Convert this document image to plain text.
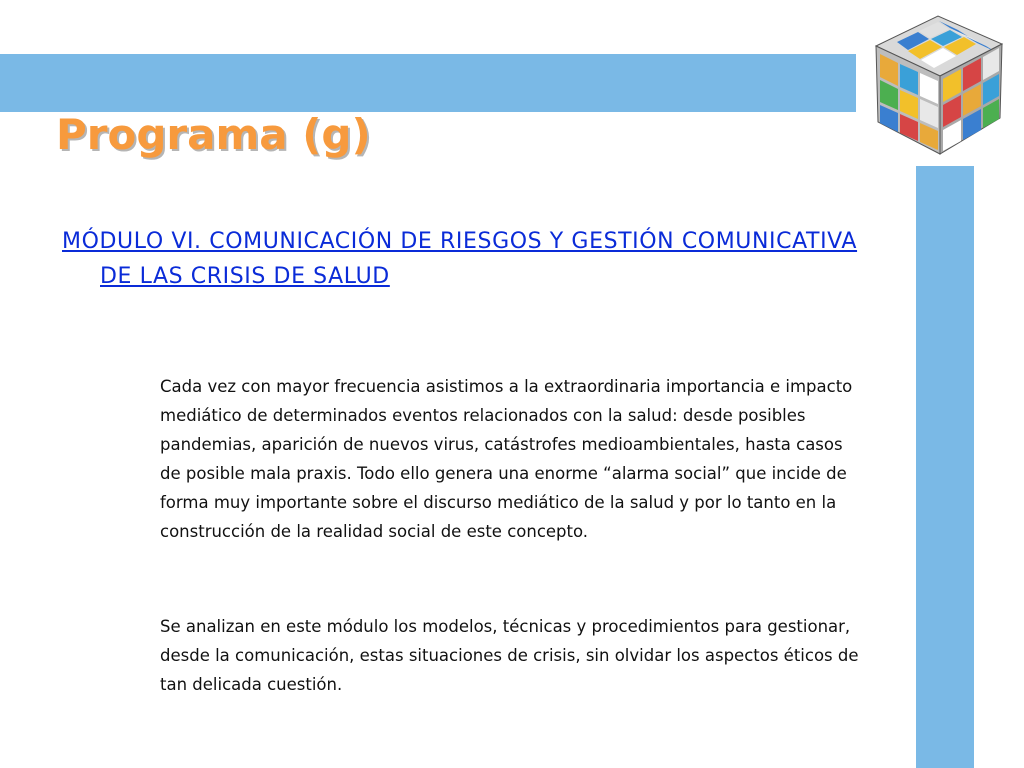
Programa (g)
MÓDULO VI. COMUNICACIÓN DE RIESGOS Y GESTIÓN COMUNICATIVA DE LAS CRISIS DE SALUD

Cada vez con mayor frecuencia asistimos a la extraordinaria importancia e impacto mediático de determinados eventos relacionados con la salud: desde posibles pandemias, aparición de nuevos virus, catástrofes medioambientales, hasta casos de posible mala praxis. Todo ello genera una enorme “alarma social” que incide de forma muy importante sobre el discurso mediático de la salud y por lo tanto en la construcción de la realidad social de este concepto.

Se analizan en este módulo los modelos, técnicas y procedimientos para gestionar, desde la comunicación, estas situaciones de crisis, sin olvidar los aspectos éticos de tan delicada cuestión.
